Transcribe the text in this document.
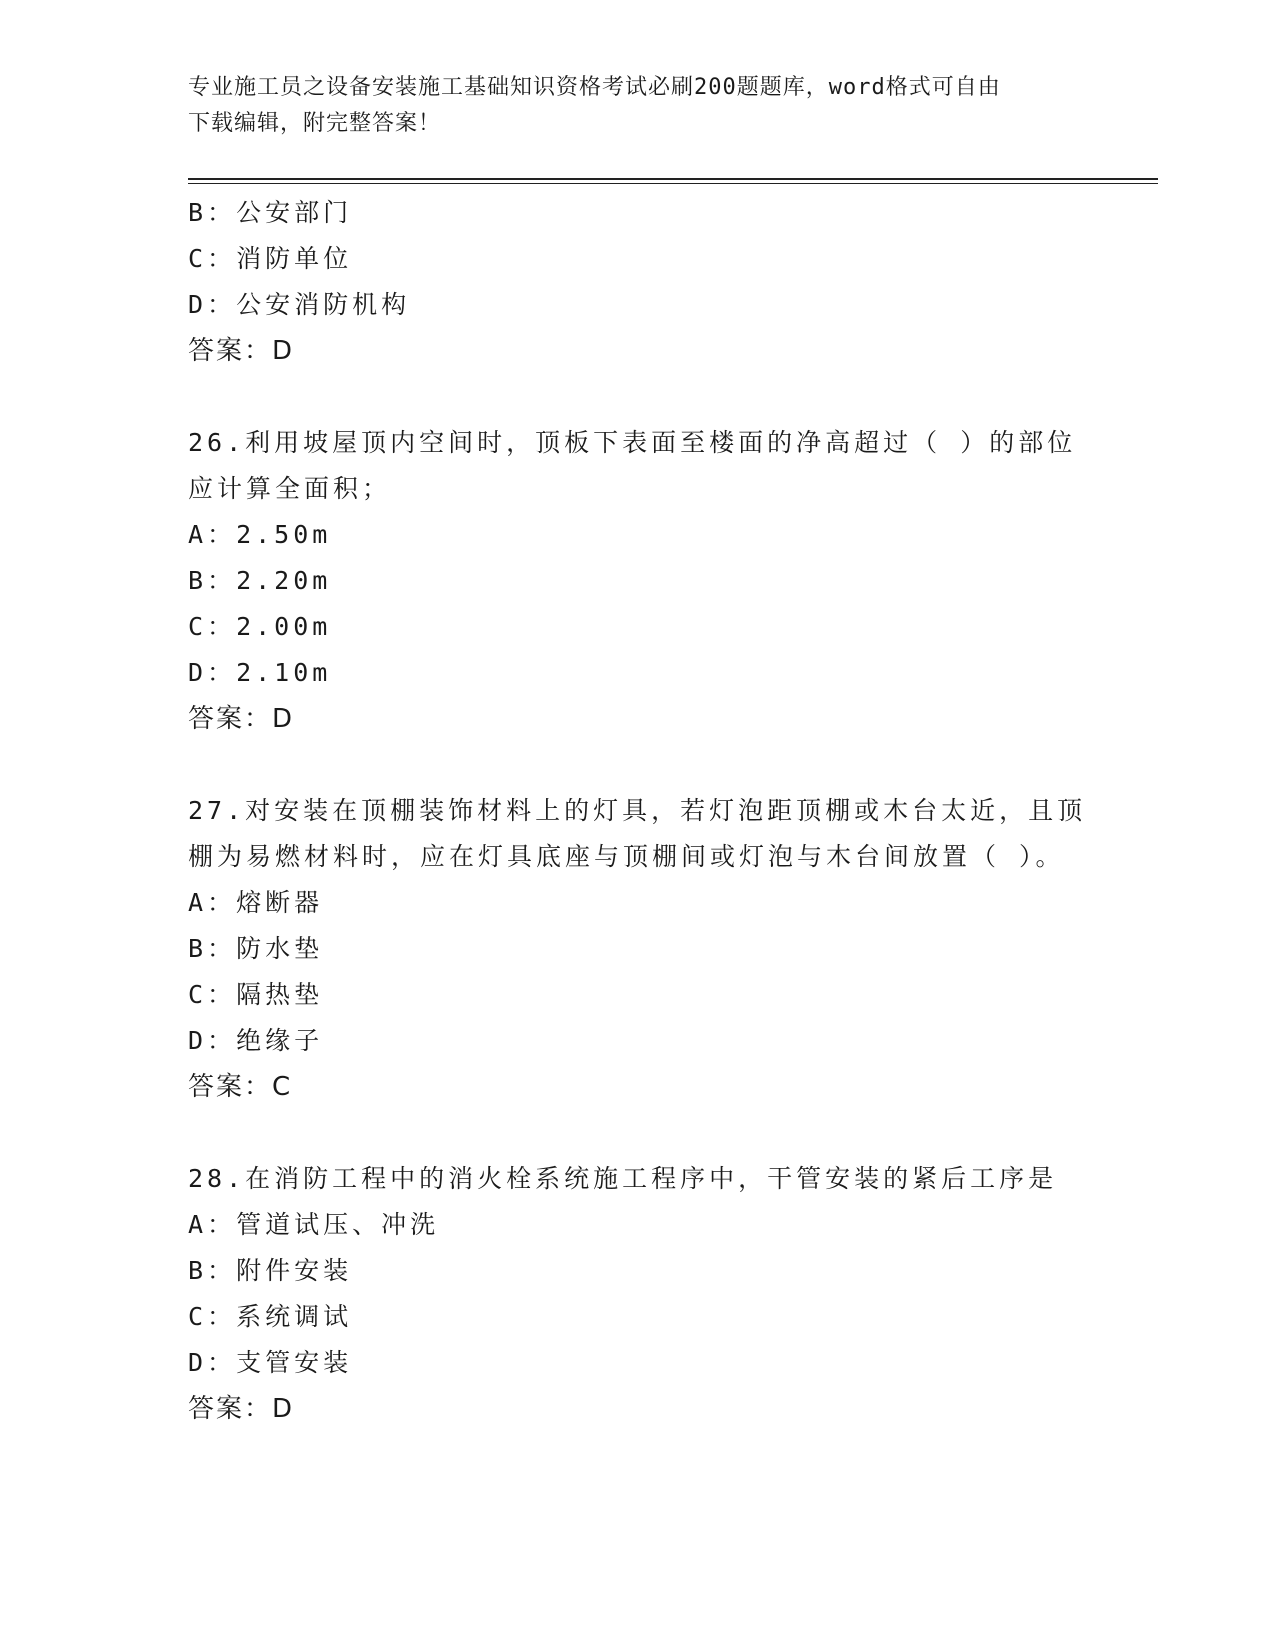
专业施工员之设备安装施工基础知识资格考试必刷200题题库，word格式可自由
下载编辑，附完整答案！
B：公安部门
C：消防单位
D：公安消防机构
答案：D
26.利用坡屋顶内空间时，顶板下表面至楼面的净高超过（ ）的部位
应计算全面积；
A：2.50m
B：2.20m
C：2.00m
D：2.10m
答案：D
27.对安装在顶棚装饰材料上的灯具，若灯泡距顶棚或木台太近，且顶
棚为易燃材料时，应在灯具底座与顶棚间或灯泡与木台间放置（ ）。
A：熔断器
B：防水垫
C：隔热垫
D：绝缘子
答案：C
28.在消防工程中的消火栓系统施工程序中，干管安装的紧后工序是
A：管道试压、冲洗
B：附件安装
C：系统调试
D：支管安装
答案：D
